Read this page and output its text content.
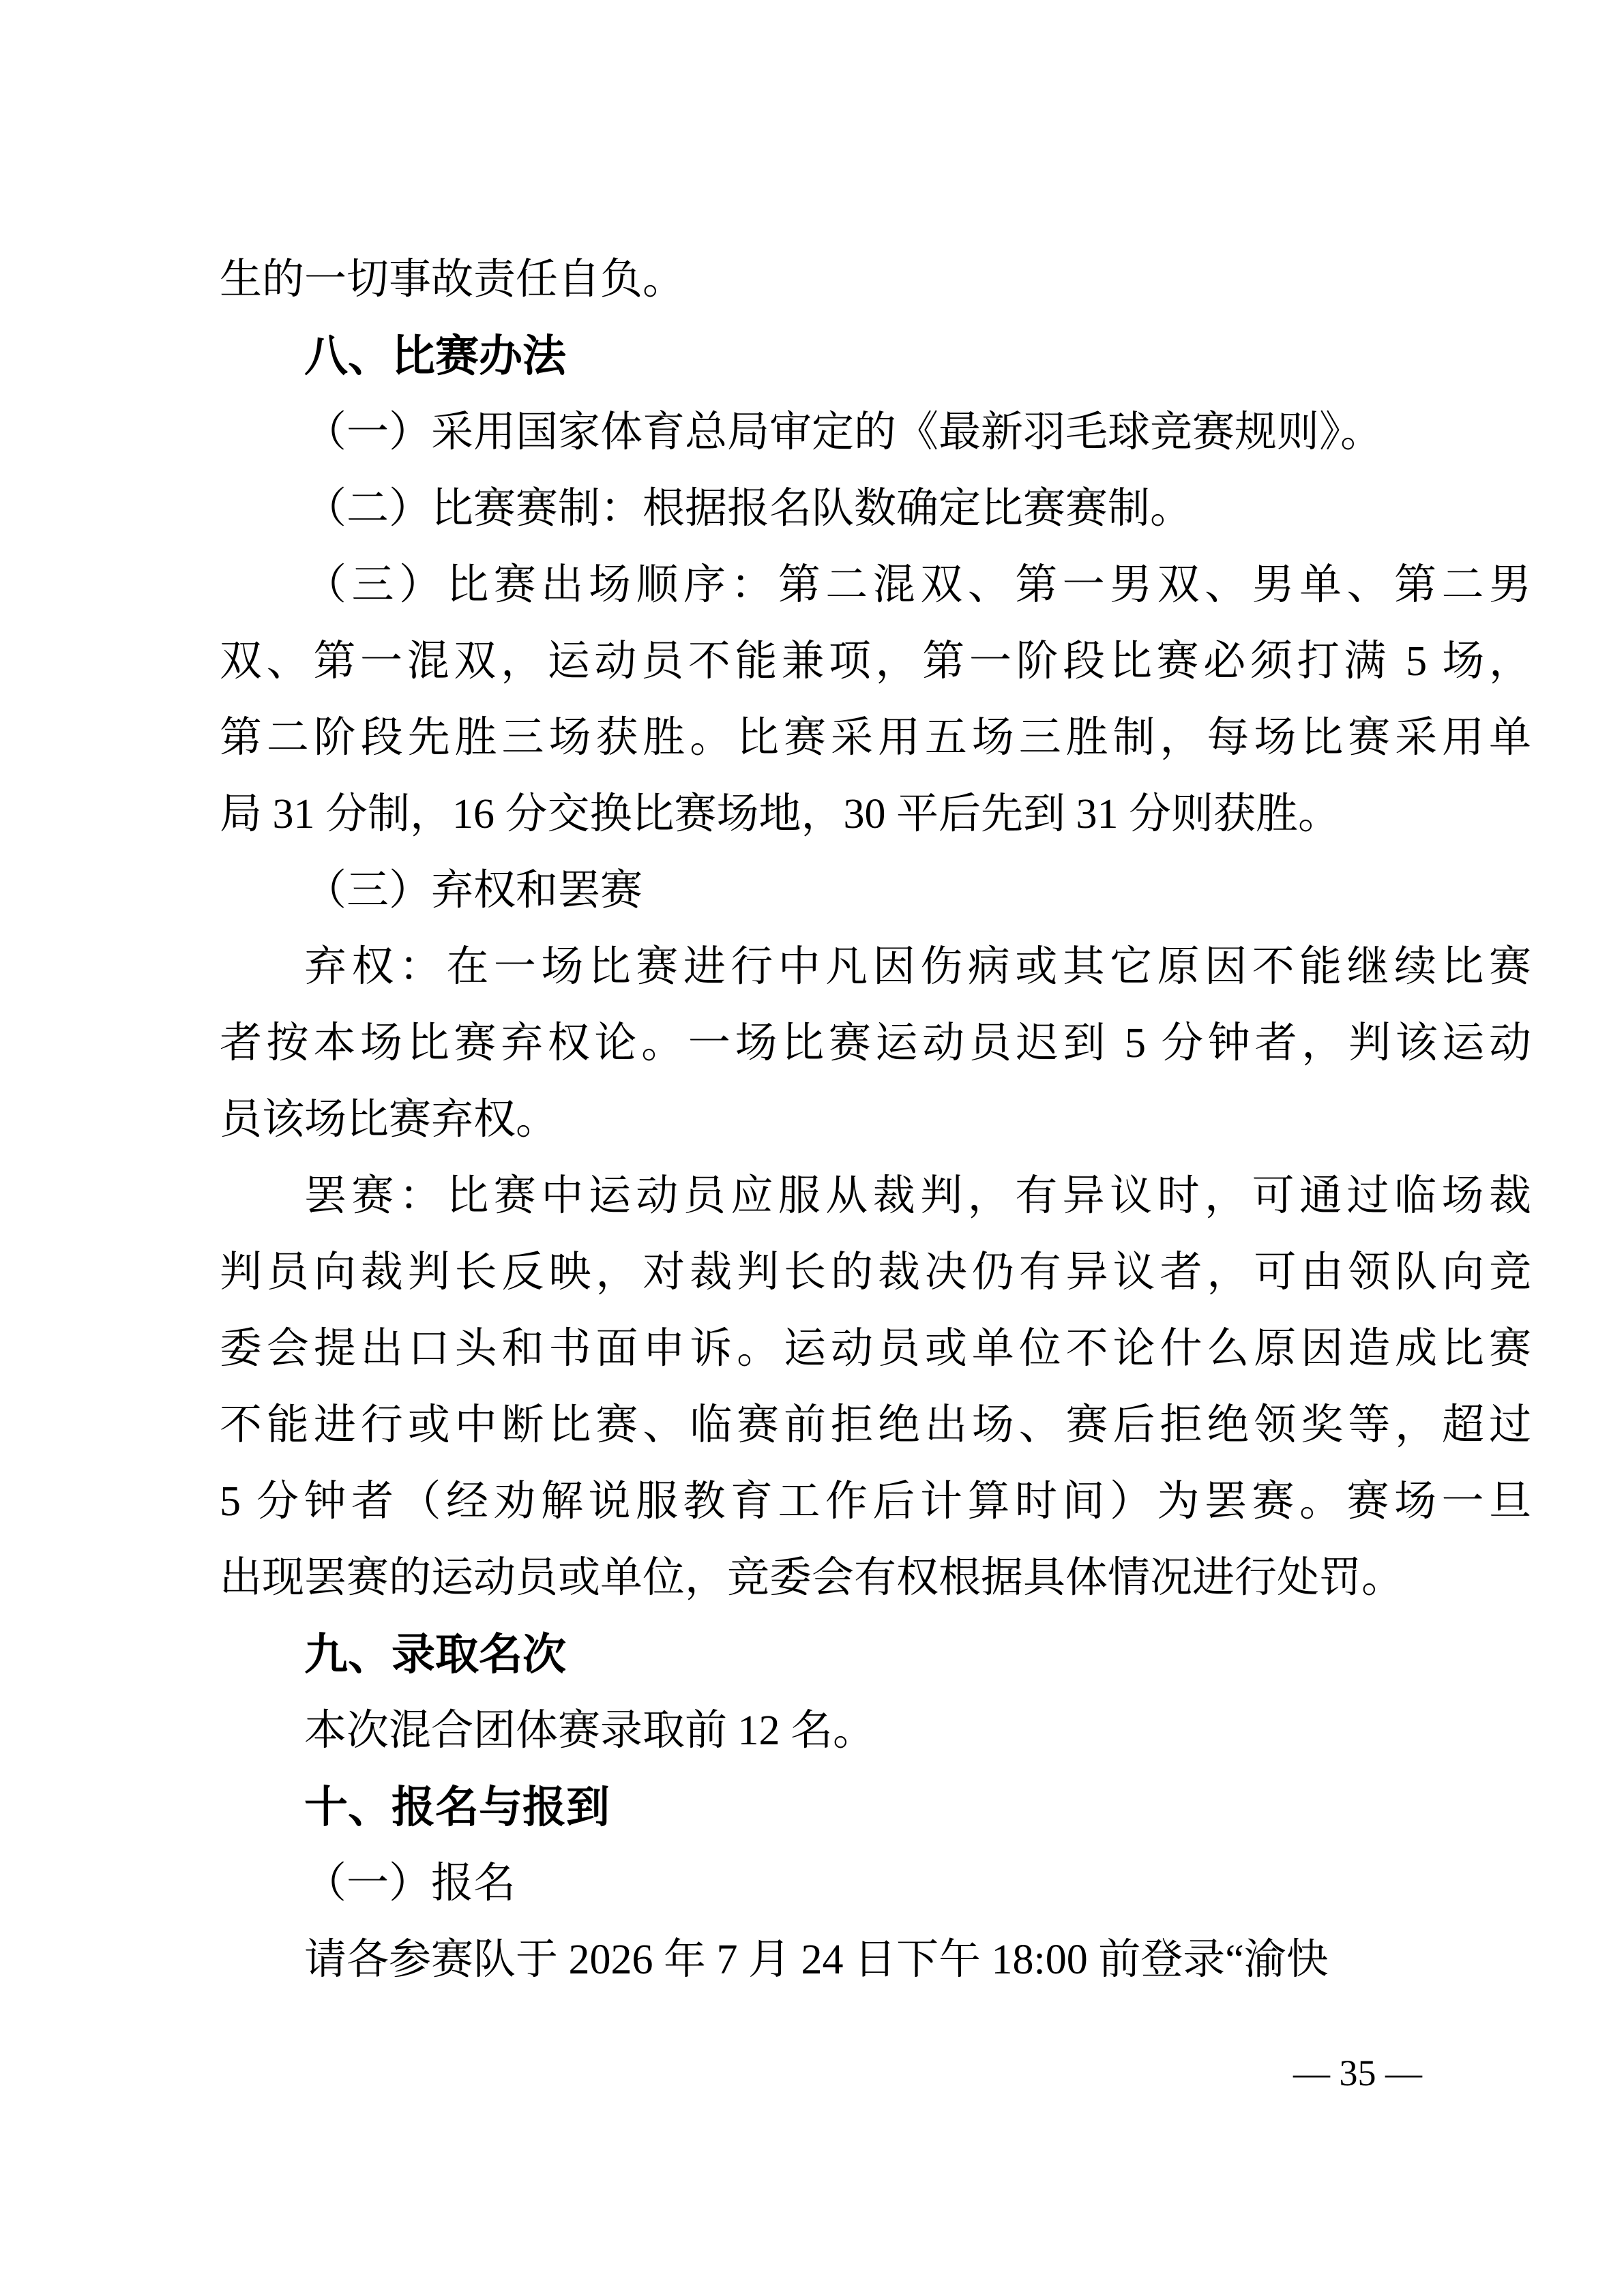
生的一切事故责任自负。
八、比赛办法
（一）采用国家体育总局审定的《最新羽毛球竞赛规则》。
（二）比赛赛制：根据报名队数确定比赛赛制。
（三）比赛出场顺序：第二混双、第一男双、男单、第二男
双、第一混双，运动员不能兼项，第一阶段比赛必须打满 5 场，
第二阶段先胜三场获胜。比赛采用五场三胜制，每场比赛采用单
局 31 分制，16 分交换比赛场地，30 平后先到 31 分则获胜。
（三）弃权和罢赛
弃权：在一场比赛进行中凡因伤病或其它原因不能继续比赛
者按本场比赛弃权论。一场比赛运动员迟到 5 分钟者，判该运动
员该场比赛弃权。
罢赛：比赛中运动员应服从裁判，有异议时，可通过临场裁
判员向裁判长反映，对裁判长的裁决仍有异议者，可由领队向竞
委会提出口头和书面申诉。运动员或单位不论什么原因造成比赛
不能进行或中断比赛、临赛前拒绝出场、赛后拒绝领奖等，超过
5 分钟者（经劝解说服教育工作后计算时间）为罢赛。赛场一旦
出现罢赛的运动员或单位，竞委会有权根据具体情况进行处罚。
九、录取名次
本次混合团体赛录取前 12 名。
十、报名与报到
（一）报名
请各参赛队于 2026 年 7 月 24 日下午 18:00 前登录“渝快
— 35 —
